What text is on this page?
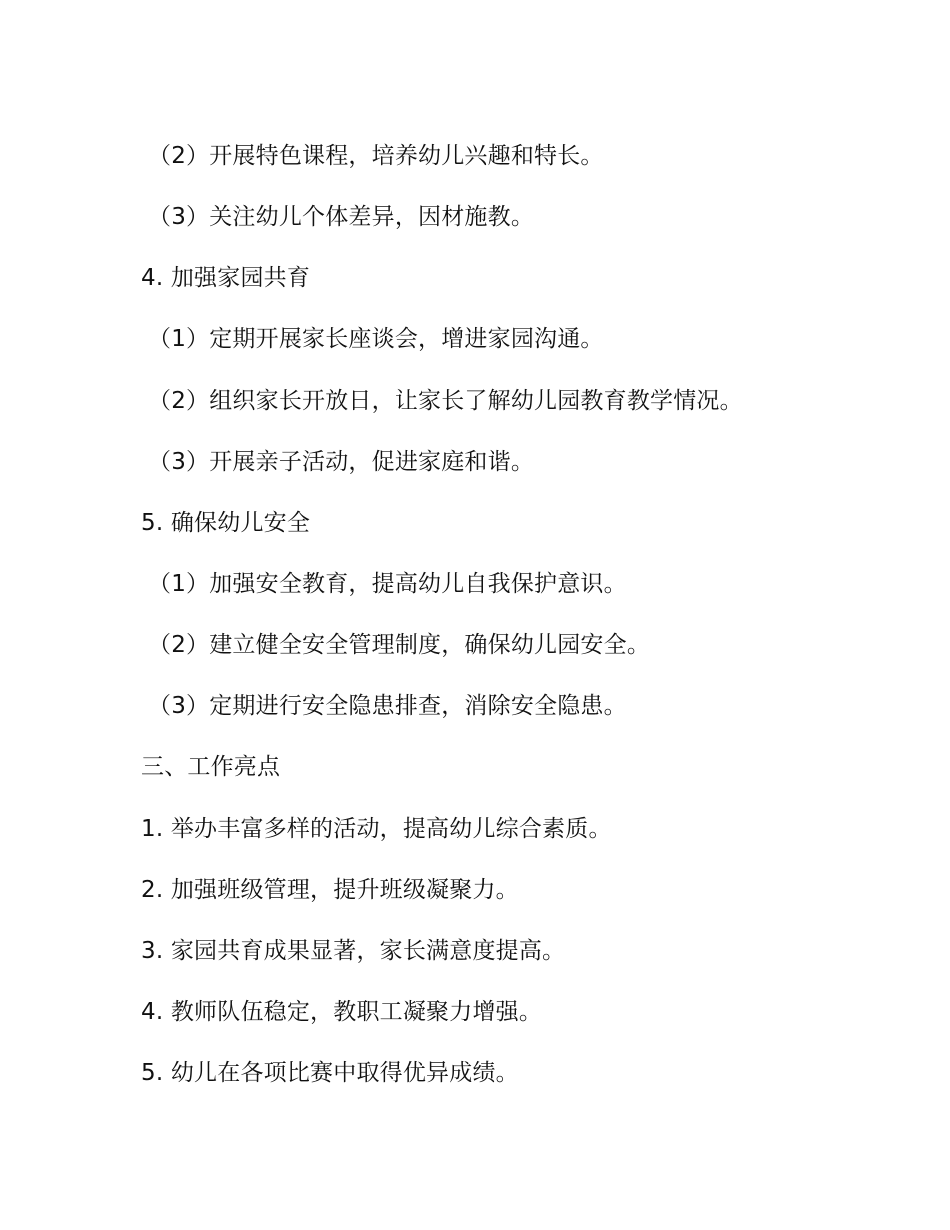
（2）开展特色课程，培养幼儿兴趣和特长。
（3）关注幼儿个体差异，因材施教。
4. 加强家园共育
（1）定期开展家长座谈会，增进家园沟通。
（2）组织家长开放日，让家长了解幼儿园教育教学情况。
（3）开展亲子活动，促进家庭和谐。
5. 确保幼儿安全
（1）加强安全教育，提高幼儿自我保护意识。
（2）建立健全安全管理制度，确保幼儿园安全。
（3）定期进行安全隐患排查，消除安全隐患。
三、工作亮点
1. 举办丰富多样的活动，提高幼儿综合素质。
2. 加强班级管理，提升班级凝聚力。
3. 家园共育成果显著，家长满意度提高。
4. 教师队伍稳定，教职工凝聚力增强。
5. 幼儿在各项比赛中取得优异成绩。
